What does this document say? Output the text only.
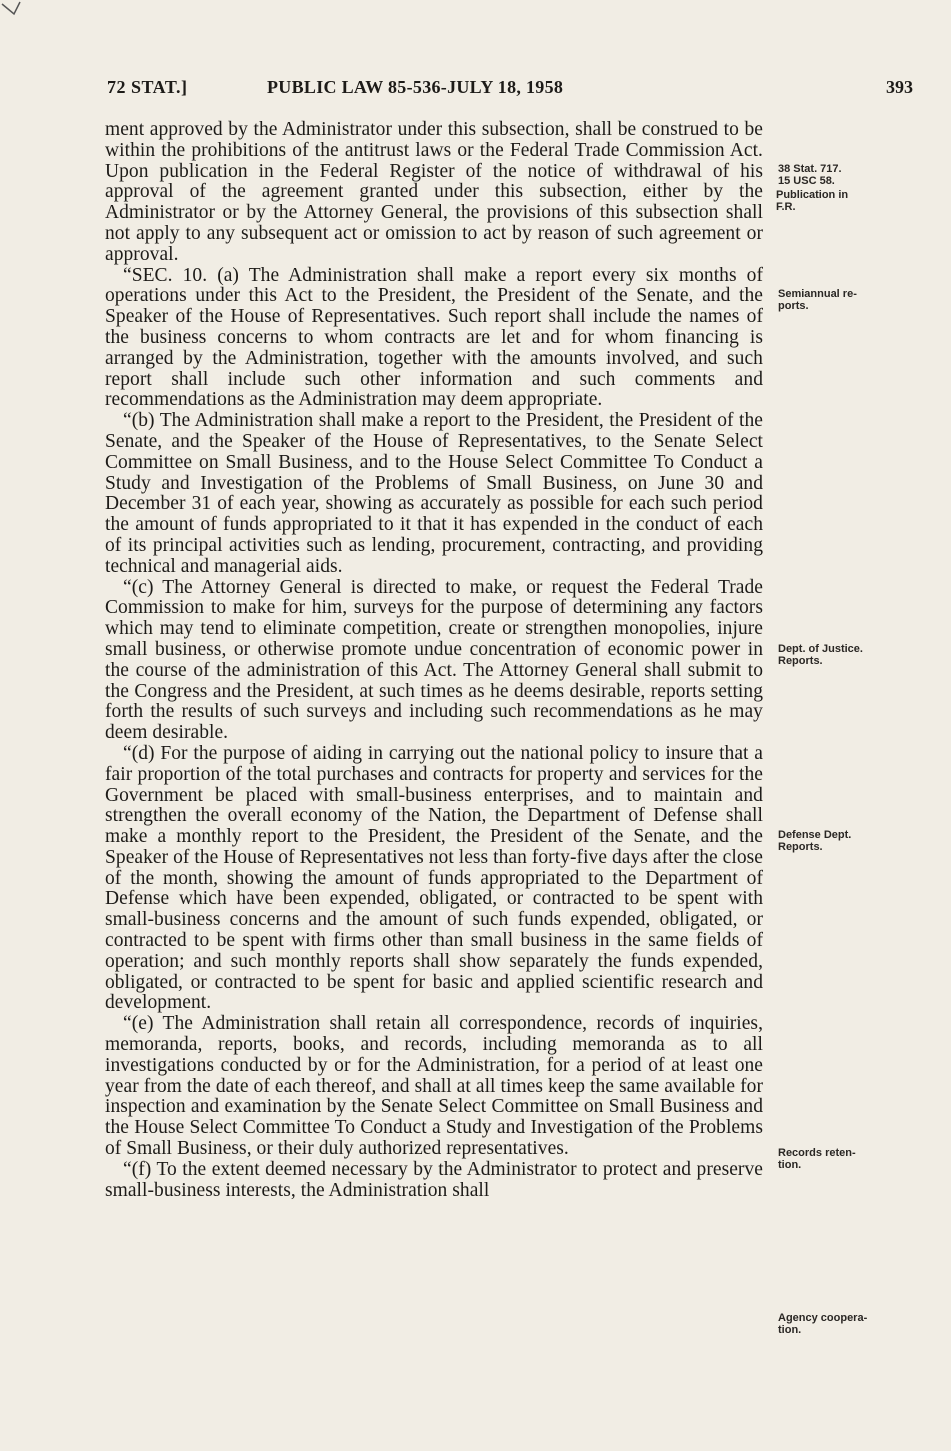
72 STAT.]	PUBLIC LAW 85-536-JULY 18, 1958	393

ment approved by the Administrator under this subsection, shall be construed to be within the prohibitions of the antitrust laws or the Federal Trade Commission Act. Upon publication in the Federal Register of the notice of withdrawal of his approval of the agreement granted under this subsection, either by the Administrator or by the Attorney General, the provisions of this subsection shall not apply to any subsequent act or omission to act by reason of such agreement or approval.

“SEC. 10. (a) The Administration shall make a report every six months of operations under this Act to the President, the President of the Senate, and the Speaker of the House of Representatives. Such report shall include the names of the business concerns to whom contracts are let and for whom financing is arranged by the Administration, together with the amounts involved, and such report shall include such other information and such comments and recommendations as the Administration may deem appropriate.

“(b) The Administration shall make a report to the President, the President of the Senate, and the Speaker of the House of Representatives, to the Senate Select Committee on Small Business, and to the House Select Committee To Conduct a Study and Investigation of the Problems of Small Business, on June 30 and December 31 of each year, showing as accurately as possible for each such period the amount of funds appropriated to it that it has expended in the conduct of each of its principal activities such as lending, procurement, contracting, and providing technical and managerial aids.

“(c) The Attorney General is directed to make, or request the Federal Trade Commission to make for him, surveys for the purpose of determining any factors which may tend to eliminate competition, create or strengthen monopolies, injure small business, or otherwise promote undue concentration of economic power in the course of the administration of this Act. The Attorney General shall submit to the Congress and the President, at such times as he deems desirable, reports setting forth the results of such surveys and including such recommendations as he may deem desirable.

“(d) For the purpose of aiding in carrying out the national policy to insure that a fair proportion of the total purchases and contracts for property and services for the Government be placed with small-business enterprises, and to maintain and strengthen the overall economy of the Nation, the Department of Defense shall make a monthly report to the President, the President of the Senate, and the Speaker of the House of Representatives not less than forty-five days after the close of the month, showing the amount of funds appropriated to the Department of Defense which have been expended, obligated, or contracted to be spent with small-business concerns and the amount of such funds expended, obligated, or contracted to be spent with firms other than small business in the same fields of operation; and such monthly reports shall show separately the funds expended, obligated, or contracted to be spent for basic and applied scientific research and development.

“(e) The Administration shall retain all correspondence, records of inquiries, memoranda, reports, books, and records, including memoranda as to all investigations conducted by or for the Administration, for a period of at least one year from the date of each thereof, and shall at all times keep the same available for inspection and examination by the Senate Select Committee on Small Business and the House Select Committee To Conduct a Study and Investigation of the Problems of Small Business, or their duly authorized representatives.

“(f) To the extent deemed necessary by the Administrator to protect and preserve small-business interests, the Administration shall

38 Stat. 717.
15 USC 58.
Publication in
F.R.
Semiannual re-
ports.
Dept. of Justice.
Reports.
Defense Dept.
Reports.
Records reten-
tion.
Agency coopera-
tion.
